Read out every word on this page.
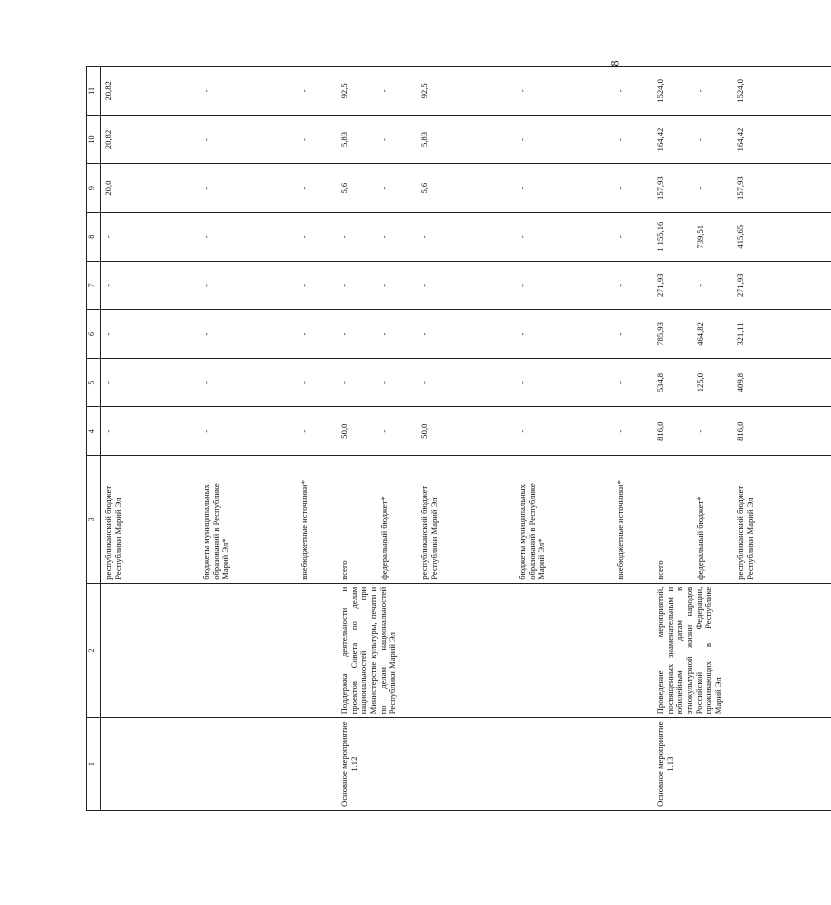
8
1	2	3	4	5	6	7	8	9	10	11
		республиканский бюджет Республики Марий Эл	-	-	-	-	-	20,0	20,82	20,82
		бюджеты муниципальных образований в Республике Марий Эл*	-	-	-	-	-	-	-	-
		внебюджетные источники*	-	-	-	-	-	-	-	-
Основное мероприятие 1.12	Поддержка деятельности и проектов Совета по делам национальностей при Министерстве культуры, печати и по делам национальностей Республики Марий Эл	всего	50,0	-	-	-	-	5,6	5,83	92,5
		федеральный бюджет*	-	-	-	-	-	-	-	-
		республиканский бюджет Республики Марий Эл	50,0	-	-	-	-	5,6	5,83	92,5
		бюджеты муниципальных образований в Республике Марий Эл*	-	-	-	-	-	-	-	-
		внебюджетные источники*	-	-	-	-	-	-	-	-
Основное мероприятие 1.13	Проведение мероприятий, посвященных знаменательным и юбилейным датам в этнокультурной жизни народов Российской Федерации, проживающих в Республике Марий Эл	всего	816,0	534,8	785,93	271,93	1 155,16	157,93	164,42	1524,0
		федеральный бюджет*	-	125,0	464,82	-	739,51	-	-	-
		республиканский бюджет Республики Марий Эл	816,0	409,8	321,11	271,93	415,65	157,93	164,42	1524,0
